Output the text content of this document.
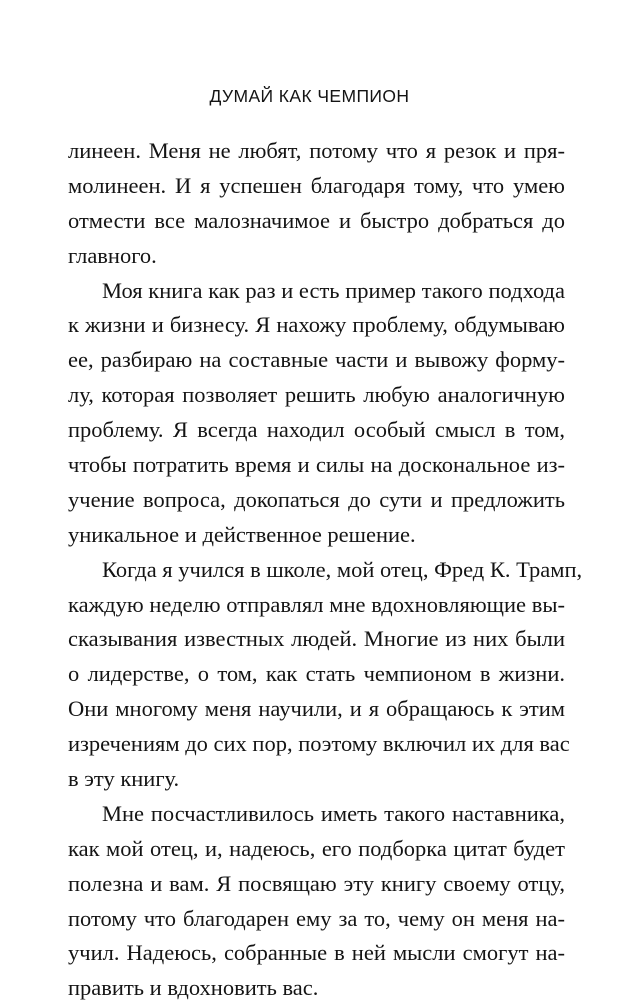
ДУМАЙ КАК ЧЕМПИОН
линеен. Меня не любят, потому что я резок и пря-
молинеен. И я успешен благодаря тому, что умею
отмести все малозначимое и быстро добраться до
главного.
Моя книга как раз и есть пример такого подхода
к жизни и бизнесу. Я нахожу проблему, обдумываю
ее, разбираю на составные части и вывожу форму-
лу, которая позволяет решить любую аналогичную
проблему. Я всегда находил особый смысл в том,
чтобы потратить время и силы на доскональное из-
учение вопроса, докопаться до сути и предложить
уникальное и действенное решение.
Когда я учился в школе, мой отец, Фред К. Трамп,
каждую неделю отправлял мне вдохновляющие вы-
сказывания известных людей. Многие из них были
о лидерстве, о том, как стать чемпионом в жизни.
Они многому меня научили, и я обращаюсь к этим
изречениям до сих пор, поэтому включил их для вас
в эту книгу.
Мне посчастливилось иметь такого наставника,
как мой отец, и, надеюсь, его подборка цитат будет
полезна и вам. Я посвящаю эту книгу своему отцу,
потому что благодарен ему за то, чему он меня на-
учил. Надеюсь, собранные в ней мысли смогут на-
править и вдохновить вас.
